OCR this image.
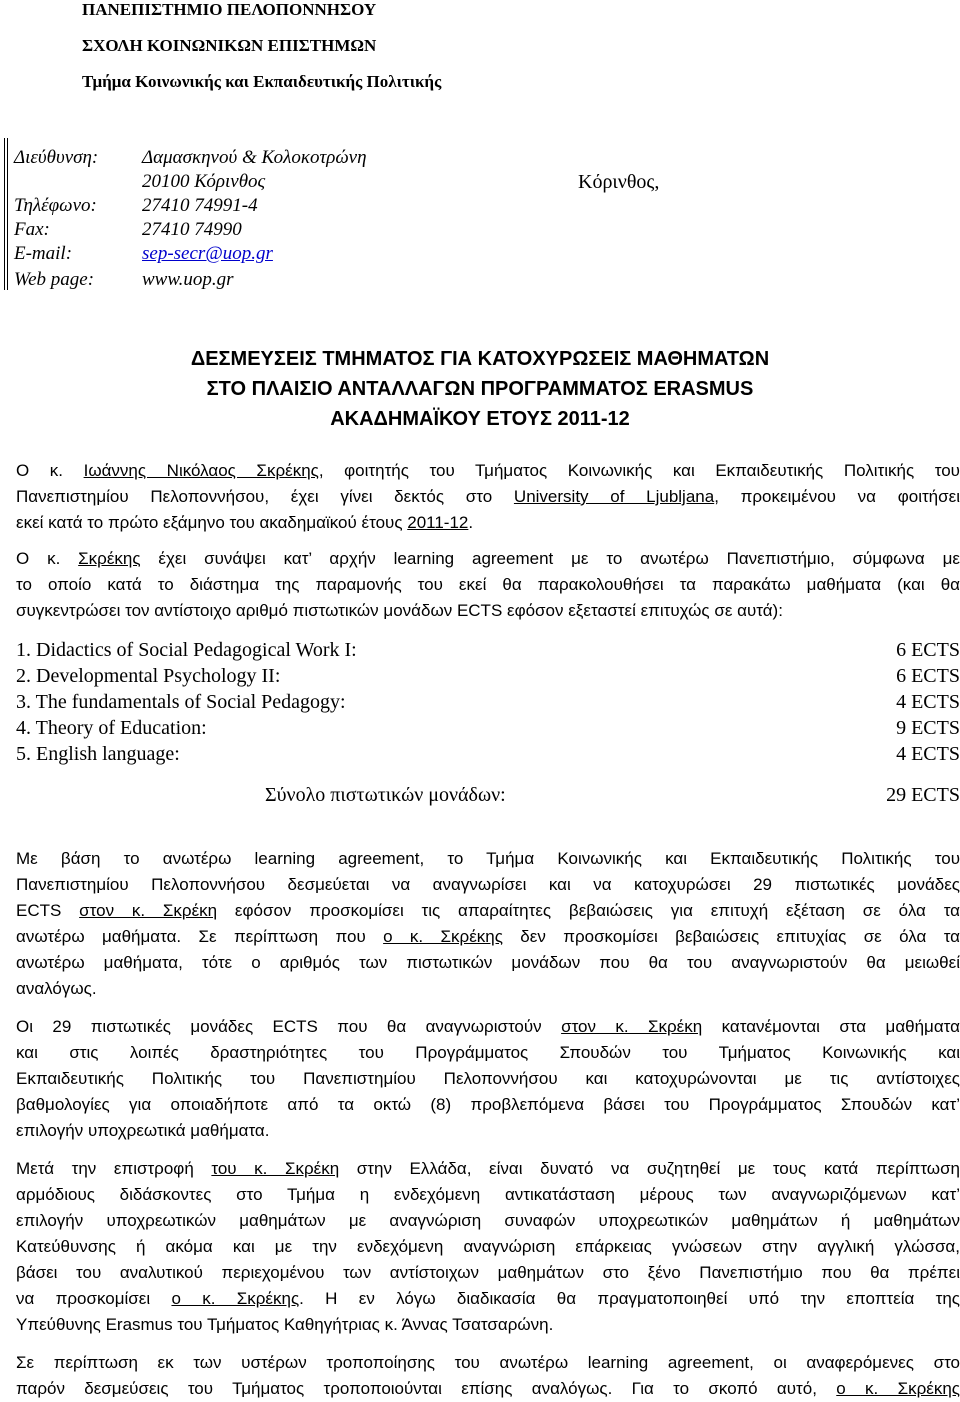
ΠΑΝΕΠΙΣΤΗΜΙΟ ΠΕΛΟΠΟΝΝΗΣΟΥ
ΣΧΟΛΗ ΚΟΙΝΩΝΙΚΩΝ ΕΠΙΣΤΗΜΩΝ
Τμήμα Κοινωνικής και Εκπαιδευτικής Πολιτικής
Διεύθυνση: Δαμασκηνού & Κολοκοτρώνη
20100 Κόρινθος	Κόρινθος,
Τηλέφωνο: 27410 74991-4
Fax:	27410 74990
E-mail:	sep-secr@uop.gr
Web page:	www.uop.gr
ΔΕΣΜΕΥΣΕΙΣ ΤΜΗΜΑΤΟΣ ΓΙΑ ΚΑΤΟΧΥΡΩΣΕΙΣ ΜΑΘΗΜΑΤΩΝ
ΣΤΟ ΠΛΑΙΣΙΟ ΑΝΤΑΛΛΑΓΩΝ ΠΡΟΓΡΑΜΜΑΤΟΣ ERASMUS
ΑΚΑΔΗΜΑΪΚΟΥ ΕΤΟΥΣ 2011-12
Ο κ. Ιωάννης Νικόλαος Σκρέκης, φοιτητής του Τμήματος Κοινωνικής και Εκπαιδευτικής Πολιτικής του
Πανεπιστημίου Πελοποννήσου, έχει γίνει δεκτός στο University of Ljubljana, προκειμένου να φοιτήσει
εκεί κατά το πρώτο εξάμηνο του ακαδημαϊκού έτους 2011-12.
Ο κ. Σκρέκης έχει συνάψει κατ’ αρχήν learning agreement με το ανωτέρω Πανεπιστήμιο, σύμφωνα με
το οποίο κατά το διάστημα της παραμονής του εκεί θα παρακολουθήσει τα παρακάτω μαθήματα (και θα
συγκεντρώσει τον αντίστοιχο αριθμό πιστωτικών μονάδων ECTS εφόσον εξεταστεί επιτυχώς σε αυτά):
1. Didactics of Social Pedagogical Work I:	6 ECTS
2. Developmental Psychology II:	6 ECTS
3. The fundamentals of Social Pedagogy:	4 ECTS
4. Theory of Education:	9 ECTS
5. English language:	4 ECTS
Σύνολο πιστωτικών μονάδων:	29 ECTS
Με βάση το ανωτέρω learning agreement, το Τμήμα Κοινωνικής και Εκπαιδευτικής Πολιτικής του
Πανεπιστημίου Πελοποννήσου δεσμεύεται να αναγνωρίσει και να κατοχυρώσει 29 πιστωτικές μονάδες
ECTS στον κ. Σκρέκη εφόσον προσκομίσει τις απαραίτητες βεβαιώσεις για επιτυχή εξέταση σε όλα τα
ανωτέρω μαθήματα. Σε περίπτωση που ο κ. Σκρέκης δεν προσκομίσει βεβαιώσεις επιτυχίας σε όλα τα
ανωτέρω μαθήματα, τότε ο αριθμός των πιστωτικών μονάδων που θα του αναγνωριστούν θα μειωθεί
αναλόγως.
Οι 29 πιστωτικές μονάδες ECTS που θα αναγνωριστούν στον κ. Σκρέκη κατανέμονται στα μαθήματα
και στις λοιπές δραστηριότητες του Προγράμματος Σπουδών του Τμήματος Κοινωνικής και
Εκπαιδευτικής Πολιτικής του Πανεπιστημίου Πελοποννήσου και κατοχυρώνονται με τις αντίστοιχες
βαθμολογίες για οποιαδήποτε από τα οκτώ (8) προβλεπόμενα βάσει του Προγράμματος Σπουδών κατ’
επιλογήν υποχρεωτικά μαθήματα.
Μετά την επιστροφή του κ. Σκρέκη στην Ελλάδα, είναι δυνατό να συζητηθεί με τους κατά περίπτωση
αρμόδιους διδάσκοντες στο Τμήμα η ενδεχόμενη αντικατάσταση μέρους των αναγνωριζόμενων κατ’
επιλογήν υποχρεωτικών μαθημάτων με αναγνώριση συναφών υποχρεωτικών μαθημάτων ή μαθημάτων
Κατεύθυνσης ή ακόμα και με την ενδεχόμενη αναγνώριση επάρκειας γνώσεων στην αγγλική γλώσσα,
βάσει του αναλυτικού περιεχομένου των αντίστοιχων μαθημάτων στο ξένο Πανεπιστήμιο που θα πρέπει
να προσκομίσει ο κ. Σκρέκης. Η εν λόγω διαδικασία θα πραγματοποιηθεί υπό την εποπτεία της
Υπεύθυνης Erasmus του Τμήματος Καθηγήτριας κ. Άννας Τσατσαρώνη.
Σε περίπτωση εκ των υστέρων τροποποίησης του ανωτέρω learning agreement, οι αναφερόμενες στο
παρόν δεσμεύσεις του Τμήματος τροποποιούνται επίσης αναλόγως. Για το σκοπό αυτό, ο κ. Σκρέκης
